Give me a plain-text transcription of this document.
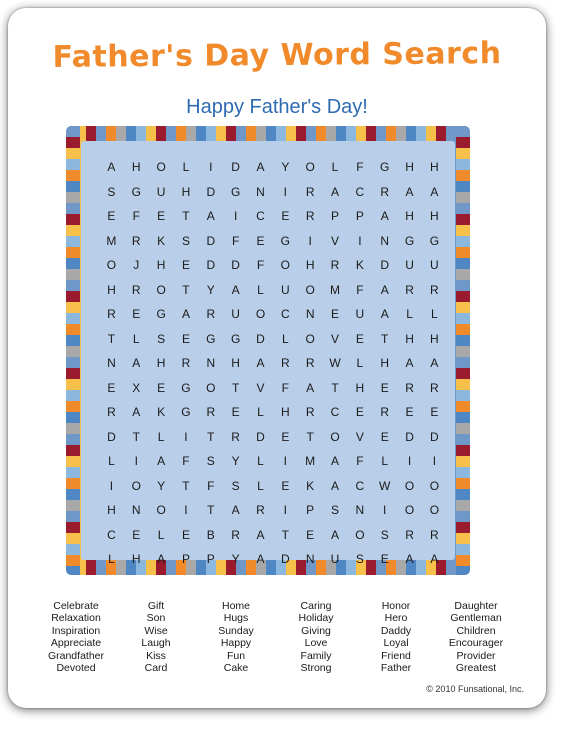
Father's Day Word Search
Happy Father's Day!
A	H	O	L	I	D	A	Y	O	L	F	G	H	H
S	G	U	H	D	G	N	I	R	A	C	R	A	A
E	F	E	T	A	I	C	E	R	P	P	A	H	H
M	R	K	S	D	F	E	G	I	V	I	N	G	G
O	J	H	E	D	D	F	O	H	R	K	D	U	U
H	R	O	T	Y	A	L	U	O	M	F	A	R	R
R	E	G	A	R	U	O	C	N	E	U	A	L	L
T	L	S	E	G	G	D	L	O	V	E	T	H	H
N	A	H	R	N	H	A	R	R	W	L	H	A	A
E	X	E	G	O	T	V	F	A	T	H	E	R	R
R	A	K	G	R	E	L	H	R	C	E	R	E	E
D	T	L	I	T	R	D	E	T	O	V	E	D	D
L	I	A	F	S	Y	L	I	M	A	F	L	I	I
I	O	Y	T	F	S	L	E	K	A	C	W	O	O
H	N	O	I	T	A	R	I	P	S	N	I	O	O
C	E	L	E	B	R	A	T	E	A	O	S	R	R
L	H	A	P	P	Y	A	D	N	U	S	E	A	A
Celebrate
Relaxation
Inspiration
Appreciate
Grandfather
Devoted
Gift
Son
Wise
Laugh
Kiss
Card
Home
Hugs
Sunday
Happy
Fun
Cake
Caring
Holiday
Giving
Love
Family
Strong
Honor
Hero
Daddy
Loyal
Friend
Father
Daughter
Gentleman
Children
Encourager
Provider
Greatest
© 2010 Funsational, Inc.
